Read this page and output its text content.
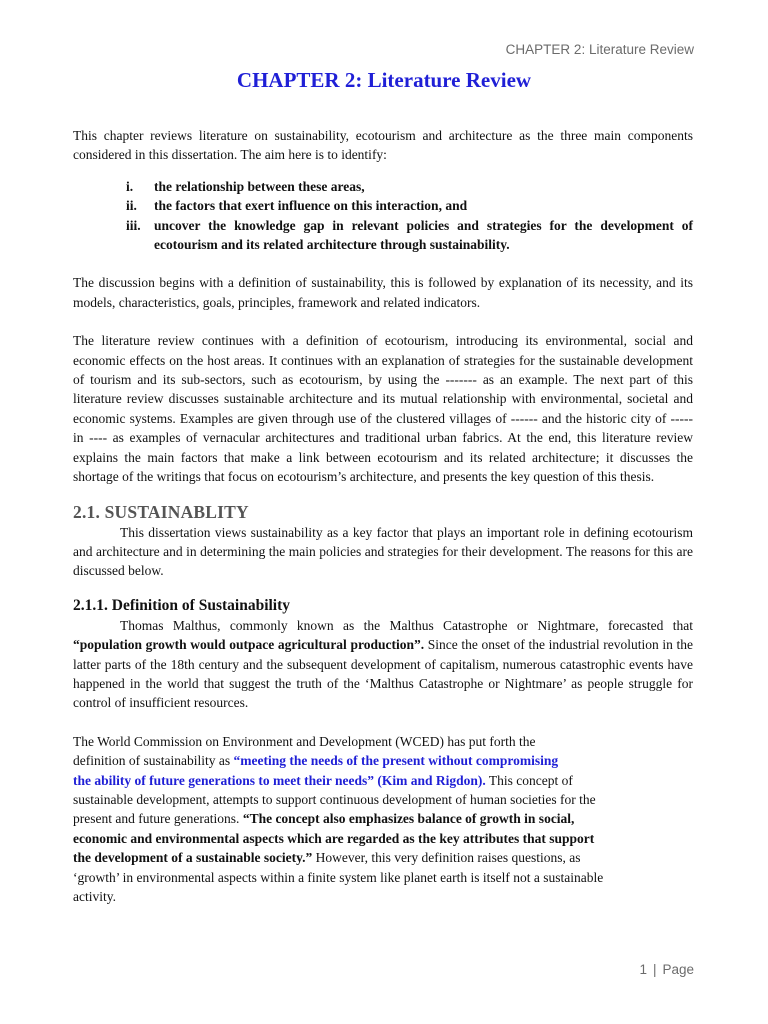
CHAPTER 2: Literature Review
CHAPTER 2: Literature Review

This chapter reviews literature on sustainability, ecotourism and architecture as the three main components considered in this dissertation. The aim here is to identify:

i. the relationship between these areas,
ii. the factors that exert influence on this interaction, and
iii. uncover the knowledge gap in relevant policies and strategies for the development of ecotourism and its related architecture through sustainability.

The discussion begins with a definition of sustainability, this is followed by explanation of its necessity, and its models, characteristics, goals, principles, framework and related indicators.

The literature review continues with a definition of ecotourism, introducing its environmental, social and economic effects on the host areas. It continues with an explanation of strategies for the sustainable development of tourism and its sub-sectors, such as ecotourism, by using the ------- as an example. The next part of this literature review discusses sustainable architecture and its mutual relationship with environmental, societal and economic systems. Examples are given through use of the clustered villages of ------ and the historic city of ----- in ---- as examples of vernacular architectures and traditional urban fabrics. At the end, this literature review explains the main factors that make a link between ecotourism and its related architecture; it discusses the shortage of the writings that focus on ecotourism’s architecture, and presents the key question of this thesis.

2.1. SUSTAINABLITY

This dissertation views sustainability as a key factor that plays an important role in defining ecotourism and architecture and in determining the main policies and strategies for their development. The reasons for this are discussed below.

2.1.1. Definition of Sustainability

Thomas Malthus, commonly known as the Malthus Catastrophe or Nightmare, forecasted that “population growth would outpace agricultural production”. Since the onset of the industrial revolution in the latter parts of the 18th century and the subsequent development of capitalism, numerous catastrophic events have happened in the world that suggest the truth of the ‘Malthus Catastrophe or Nightmare’ as people struggle for control of insufficient resources.

The World Commission on Environment and Development (WCED) has put forth the
definition of sustainability as “meeting the needs of the present without compromising
the ability of future generations to meet their needs” (Kim and Rigdon). This concept of
sustainable development, attempts to support continuous development of human societies for the
present and future generations. “The concept also emphasizes balance of growth in social,
economic and environmental aspects which are regarded as the key attributes that support
the development of a sustainable society.” However, this very definition raises questions, as
‘growth’ in environmental aspects within a finite system like planet earth is itself not a sustainable
activity.
1 | Page
